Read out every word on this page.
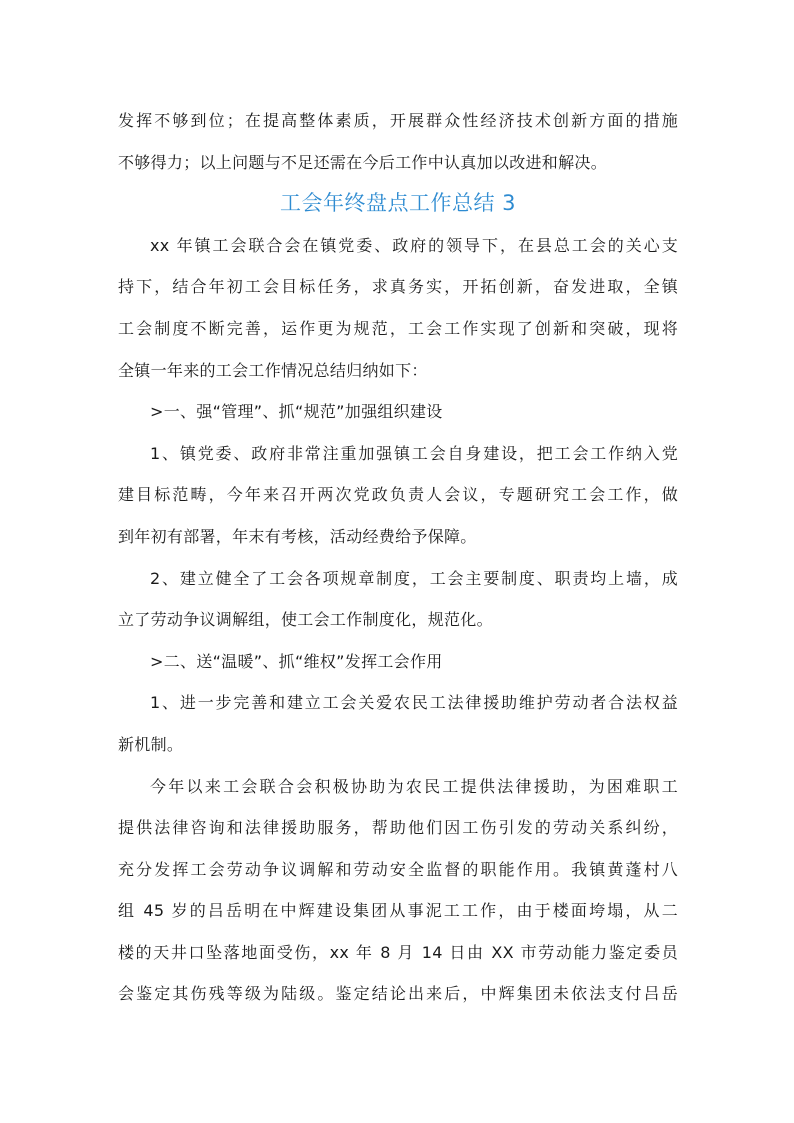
发挥不够到位；在提高整体素质，开展群众性经济技术创新方面的措施
不够得力；以上问题与不足还需在今后工作中认真加以改进和解决。
工会年终盘点工作总结 3
xx 年镇工会联合会在镇党委、政府的领导下，在县总工会的关心支
持下，结合年初工会目标任务，求真务实，开拓创新，奋发进取，全镇
工会制度不断完善，运作更为规范，工会工作实现了创新和突破，现将
全镇一年来的工会工作情况总结归纳如下：
>一、强“管理”、抓“规范”加强组织建设
1、镇党委、政府非常注重加强镇工会自身建设，把工会工作纳入党
建目标范畴，今年来召开两次党政负责人会议，专题研究工会工作，做
到年初有部署，年末有考核，活动经费给予保障。
2、建立健全了工会各项规章制度，工会主要制度、职责均上墙，成
立了劳动争议调解组，使工会工作制度化，规范化。
>二、送“温暖”、抓“维权”发挥工会作用
1、进一步完善和建立工会关爱农民工法律援助维护劳动者合法权益
新机制。
今年以来工会联合会积极协助为农民工提供法律援助，为困难职工
提供法律咨询和法律援助服务，帮助他们因工伤引发的劳动关系纠纷，
充分发挥工会劳动争议调解和劳动安全监督的职能作用。我镇黄蓬村八
组 45 岁的吕岳明在中辉建设集团从事泥工工作，由于楼面垮塌，从二
楼的天井口坠落地面受伤，xx 年 8 月 14 日由 XX 市劳动能力鉴定委员
会鉴定其伤残等级为陆级。鉴定结论出来后，中辉集团未依法支付吕岳
